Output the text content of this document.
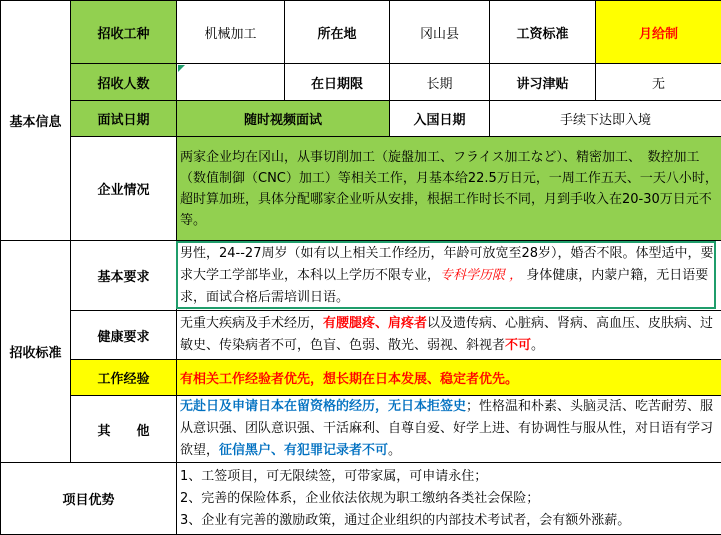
基本信息	招收工种	机械加工	所在地	冈山县	工资标准	月给制
	招收人数		在日期限	长期	讲习津贴	无
	面试日期	随时视频面试		入国日期	手续下达即入境	
	企业情况	两家企业均在冈山，从事切削加工（旋盤加工、フライス加工など）、精密加工、　数控加工（数值制御（CNC）加工）等相关工作，月基本给22.5万日元，一周工作五天、一天八小时，超时算加班，具体分配哪家企业听从安排，根据工作时长不同，月到手收入在20-30万日元不等。				
招收标准	基本要求	男性，24--27周岁（如有以上相关工作经历，年龄可放宽至28岁），婚否不限。体型适中，要求大学工学部毕业，本科以上学历不限专业，专科学历限 ， 身体健康，内蒙户籍，无日语要求，面试合格后需培训日语。				
	健康要求	无重大疾病及手术经历，有腰腿疼、肩疼者以及遗传病、心脏病、肾病、高血压、皮肤病、过敏史、传染病者不可，色盲、色弱、散光、弱视、斜视者不可。				
	工作经验	有相关工作经验者优先，想长期在日本发展、稳定者优先。				
	其　　他	无赴日及申请日本在留资格的经历，无日本拒签史；性格温和朴素、头脑灵活、吃苦耐劳、服从意识强、团队意识强、干活麻利、自尊自爱、好学上进、有协调性与服从性，对日语有学习欲望，征信黑户、有犯罪记录者不可。				
项目优势		1、工签项目，可无限续签，可带家属，可申请永住；
2、完善的保险体系，企业依法依规为职工缴纳各类社会保险；
3、企业有完善的激励政策，通过企业组织的内部技术考试者，会有额外涨薪。				
